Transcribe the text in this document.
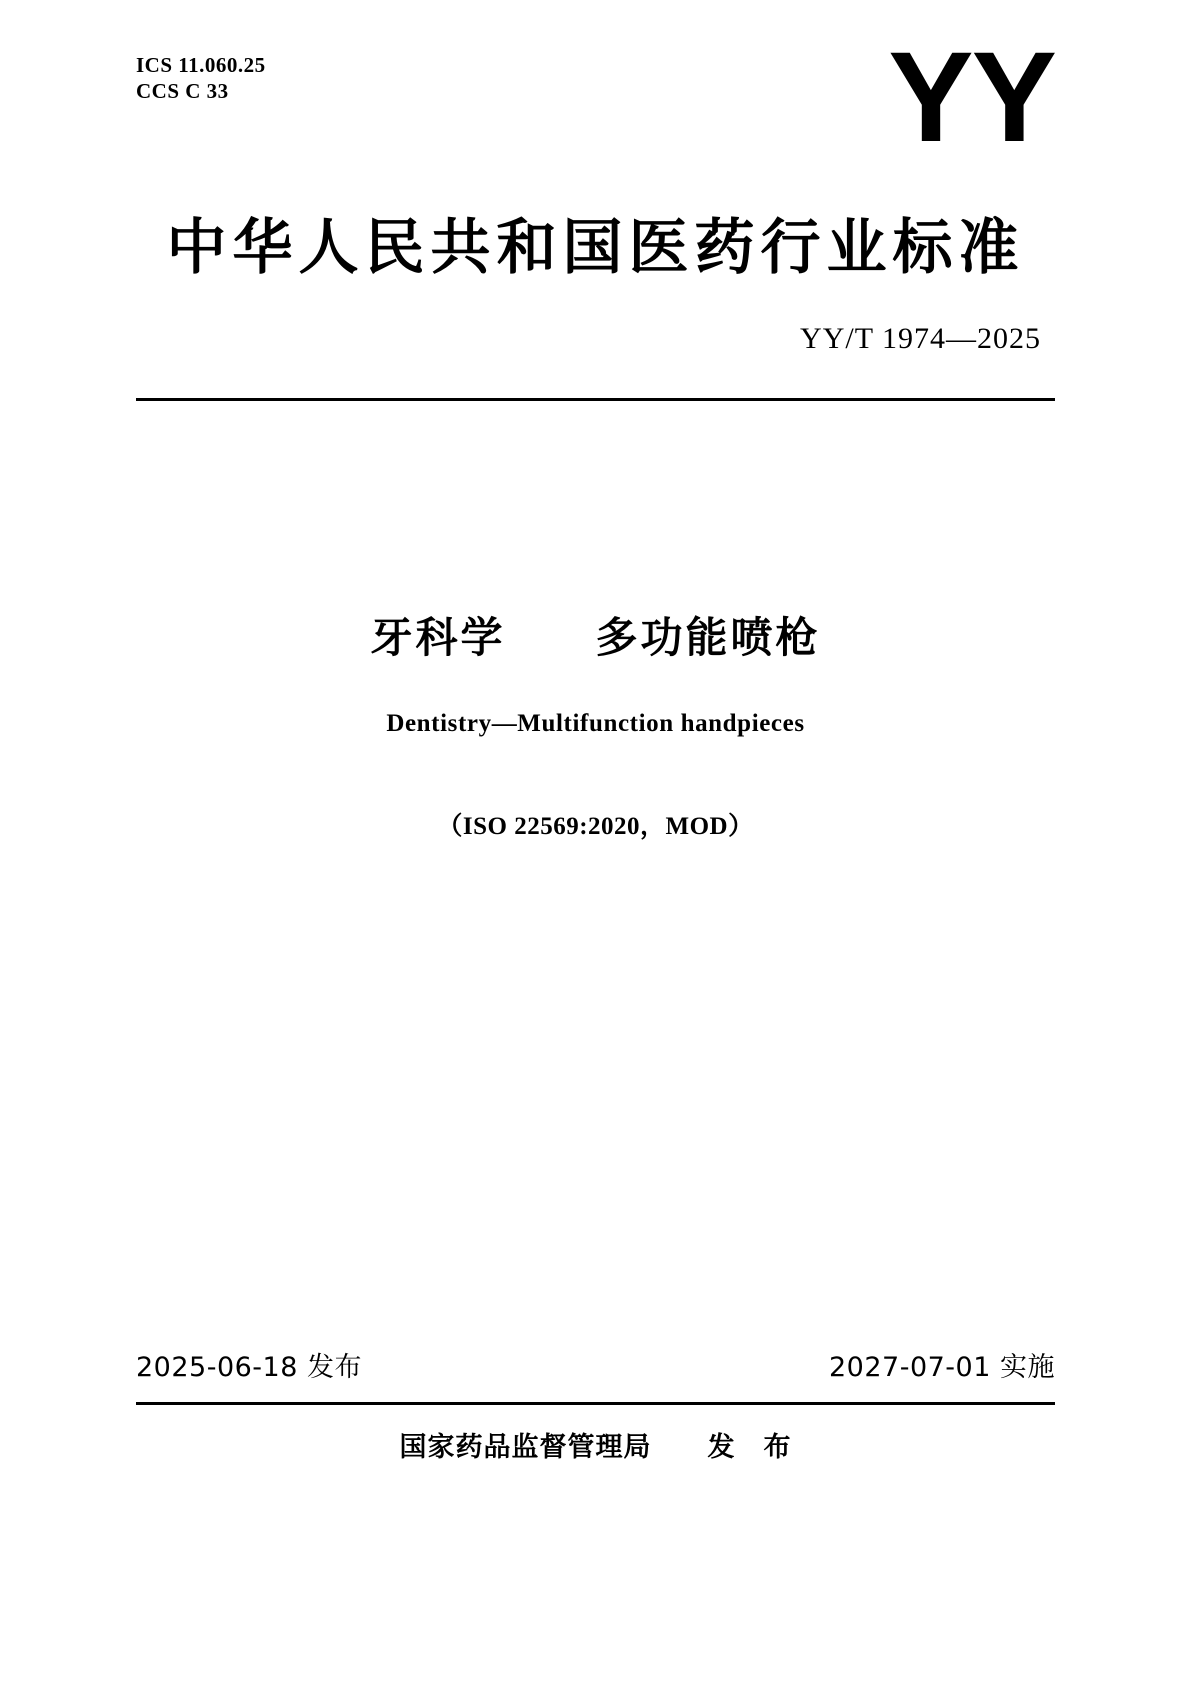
ICS 11.060.25
CCS C 33	YY
中华人民共和国医药行业标准
YY/T 1974—2025
牙科学　　多功能喷枪
Dentistry—Multifunction handpieces
（ISO 22569:2020，MOD）
2025-06-18 发布	2027-07-01 实施
国家药品监督管理局　　发　布
